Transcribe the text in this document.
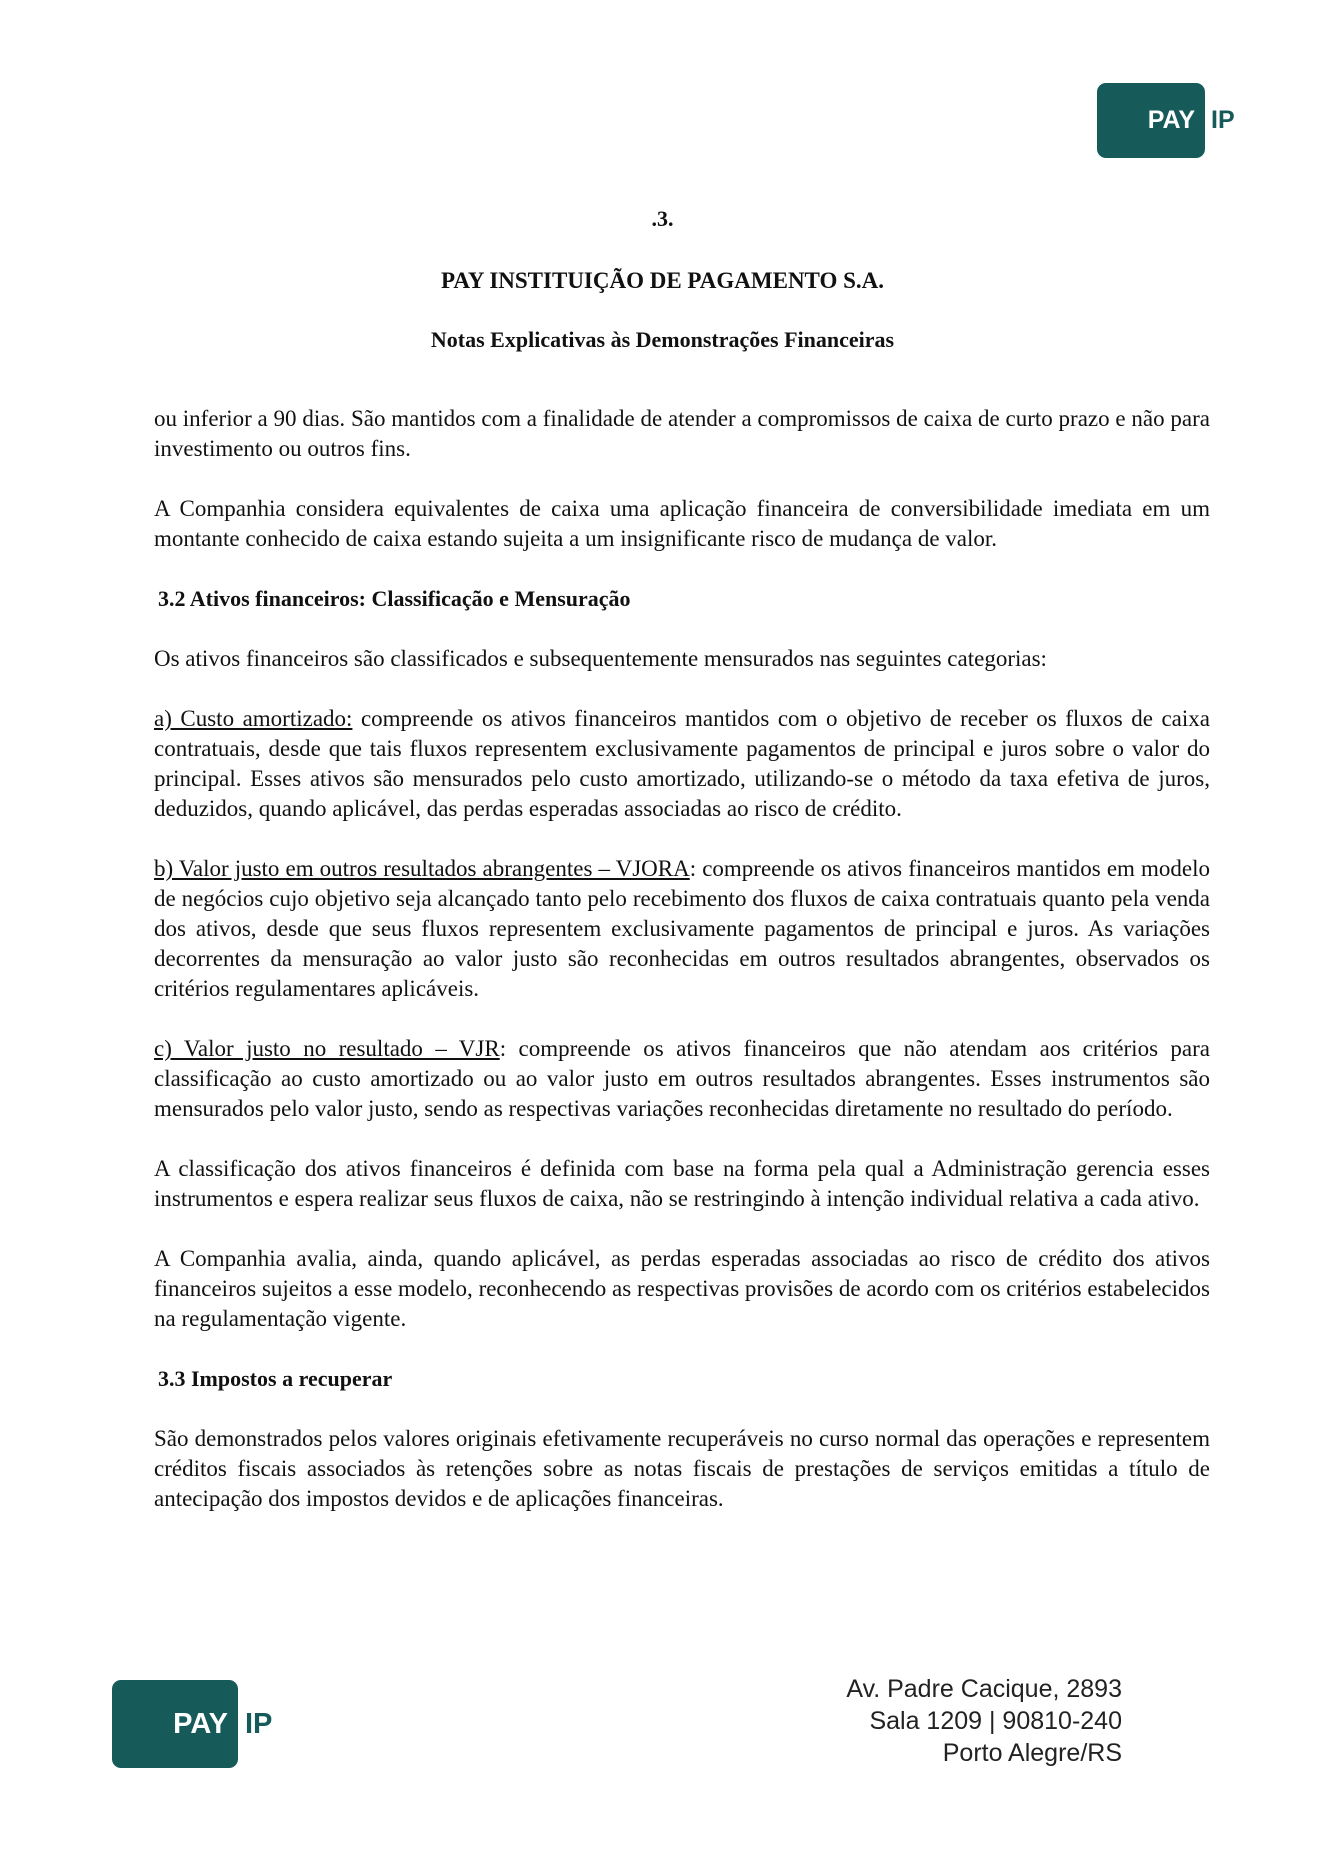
PAY IP
.3.
PAY INSTITUIÇÃO DE PAGAMENTO S.A.
Notas Explicativas às Demonstrações Financeiras

ou inferior a 90 dias. São mantidos com a finalidade de atender a compromissos de caixa de curto prazo e não para investimento ou outros fins.

A Companhia considera equivalentes de caixa uma aplicação financeira de conversibilidade imediata em um montante conhecido de caixa estando sujeita a um insignificante risco de mudança de valor.

3.2 Ativos financeiros: Classificação e Mensuração

Os ativos financeiros são classificados e subsequentemente mensurados nas seguintes categorias:

a) Custo amortizado: compreende os ativos financeiros mantidos com o objetivo de receber os fluxos de caixa contratuais, desde que tais fluxos representem exclusivamente pagamentos de principal e juros sobre o valor do principal. Esses ativos são mensurados pelo custo amortizado, utilizando-se o método da taxa efetiva de juros, deduzidos, quando aplicável, das perdas esperadas associadas ao risco de crédito.

b) Valor justo em outros resultados abrangentes – VJORA: compreende os ativos financeiros mantidos em modelo de negócios cujo objetivo seja alcançado tanto pelo recebimento dos fluxos de caixa contratuais quanto pela venda dos ativos, desde que seus fluxos representem exclusivamente pagamentos de principal e juros. As variações decorrentes da mensuração ao valor justo são reconhecidas em outros resultados abrangentes, observados os critérios regulamentares aplicáveis.

c) Valor justo no resultado – VJR: compreende os ativos financeiros que não atendam aos critérios para classificação ao custo amortizado ou ao valor justo em outros resultados abrangentes. Esses instrumentos são mensurados pelo valor justo, sendo as respectivas variações reconhecidas diretamente no resultado do período.

A classificação dos ativos financeiros é definida com base na forma pela qual a Administração gerencia esses instrumentos e espera realizar seus fluxos de caixa, não se restringindo à intenção individual relativa a cada ativo.

A Companhia avalia, ainda, quando aplicável, as perdas esperadas associadas ao risco de crédito dos ativos financeiros sujeitos a esse modelo, reconhecendo as respectivas provisões de acordo com os critérios estabelecidos na regulamentação vigente.

3.3 Impostos a recuperar

São demonstrados pelos valores originais efetivamente recuperáveis no curso normal das operações e representem créditos fiscais associados às retenções sobre as notas fiscais de prestações de serviços emitidas a título de antecipação dos impostos devidos e de aplicações financeiras.

PAY IP
Av. Padre Cacique, 2893
Sala 1209 | 90810-240
Porto Alegre/RS
